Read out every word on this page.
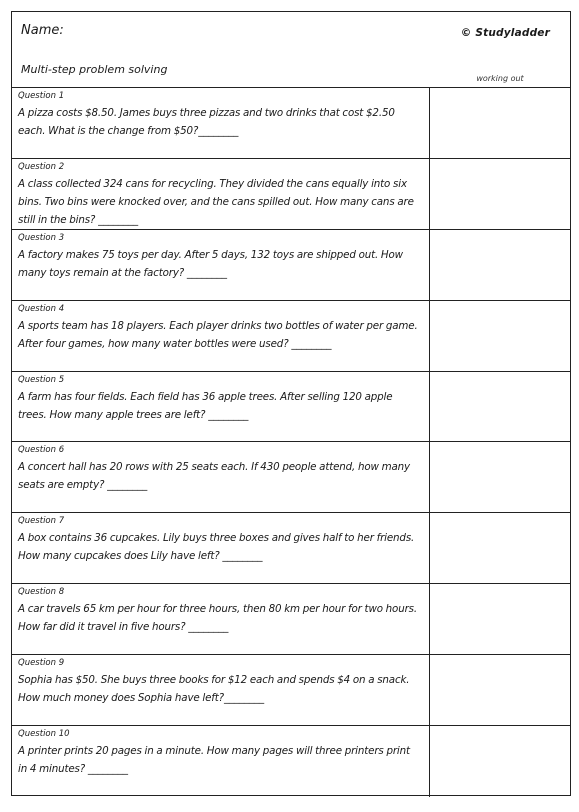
Name:	© Studyladder
Multi-step problem solving
working out
Question 1
A pizza costs $8.50. James buys three pizzas and two drinks that cost $2.50 each. What is the change from $50?________
Question 2
A class collected 324 cans for recycling. They divided the cans equally into six bins. Two bins were knocked over, and the cans spilled out. How many cans are still in the bins? ________
Question 3
A factory makes 75 toys per day. After 5 days, 132 toys are shipped out. How many toys remain at the factory? ________
Question 4
A sports team has 18 players. Each player drinks two bottles of water per game. After four games, how many water bottles were used? ________
Question 5
A farm has four fields. Each field has 36 apple trees. After selling 120 apple trees. How many apple trees are left? ________
Question 6
A concert hall has 20 rows with 25 seats each. If 430 people attend, how many seats are empty? ________
Question 7
A box contains 36 cupcakes. Lily buys three boxes and gives half to her friends. How many cupcakes does Lily have left? ________
Question 8
A car travels 65 km per hour for three hours, then 80 km per hour for two hours. How far did it travel in five hours? ________
Question 9
Sophia has $50. She buys three books for $12 each and spends $4 on a snack. How much money does Sophia have left?________
Question 10
A printer prints 20 pages in a minute. How many pages will three printers print in 4 minutes? ________
